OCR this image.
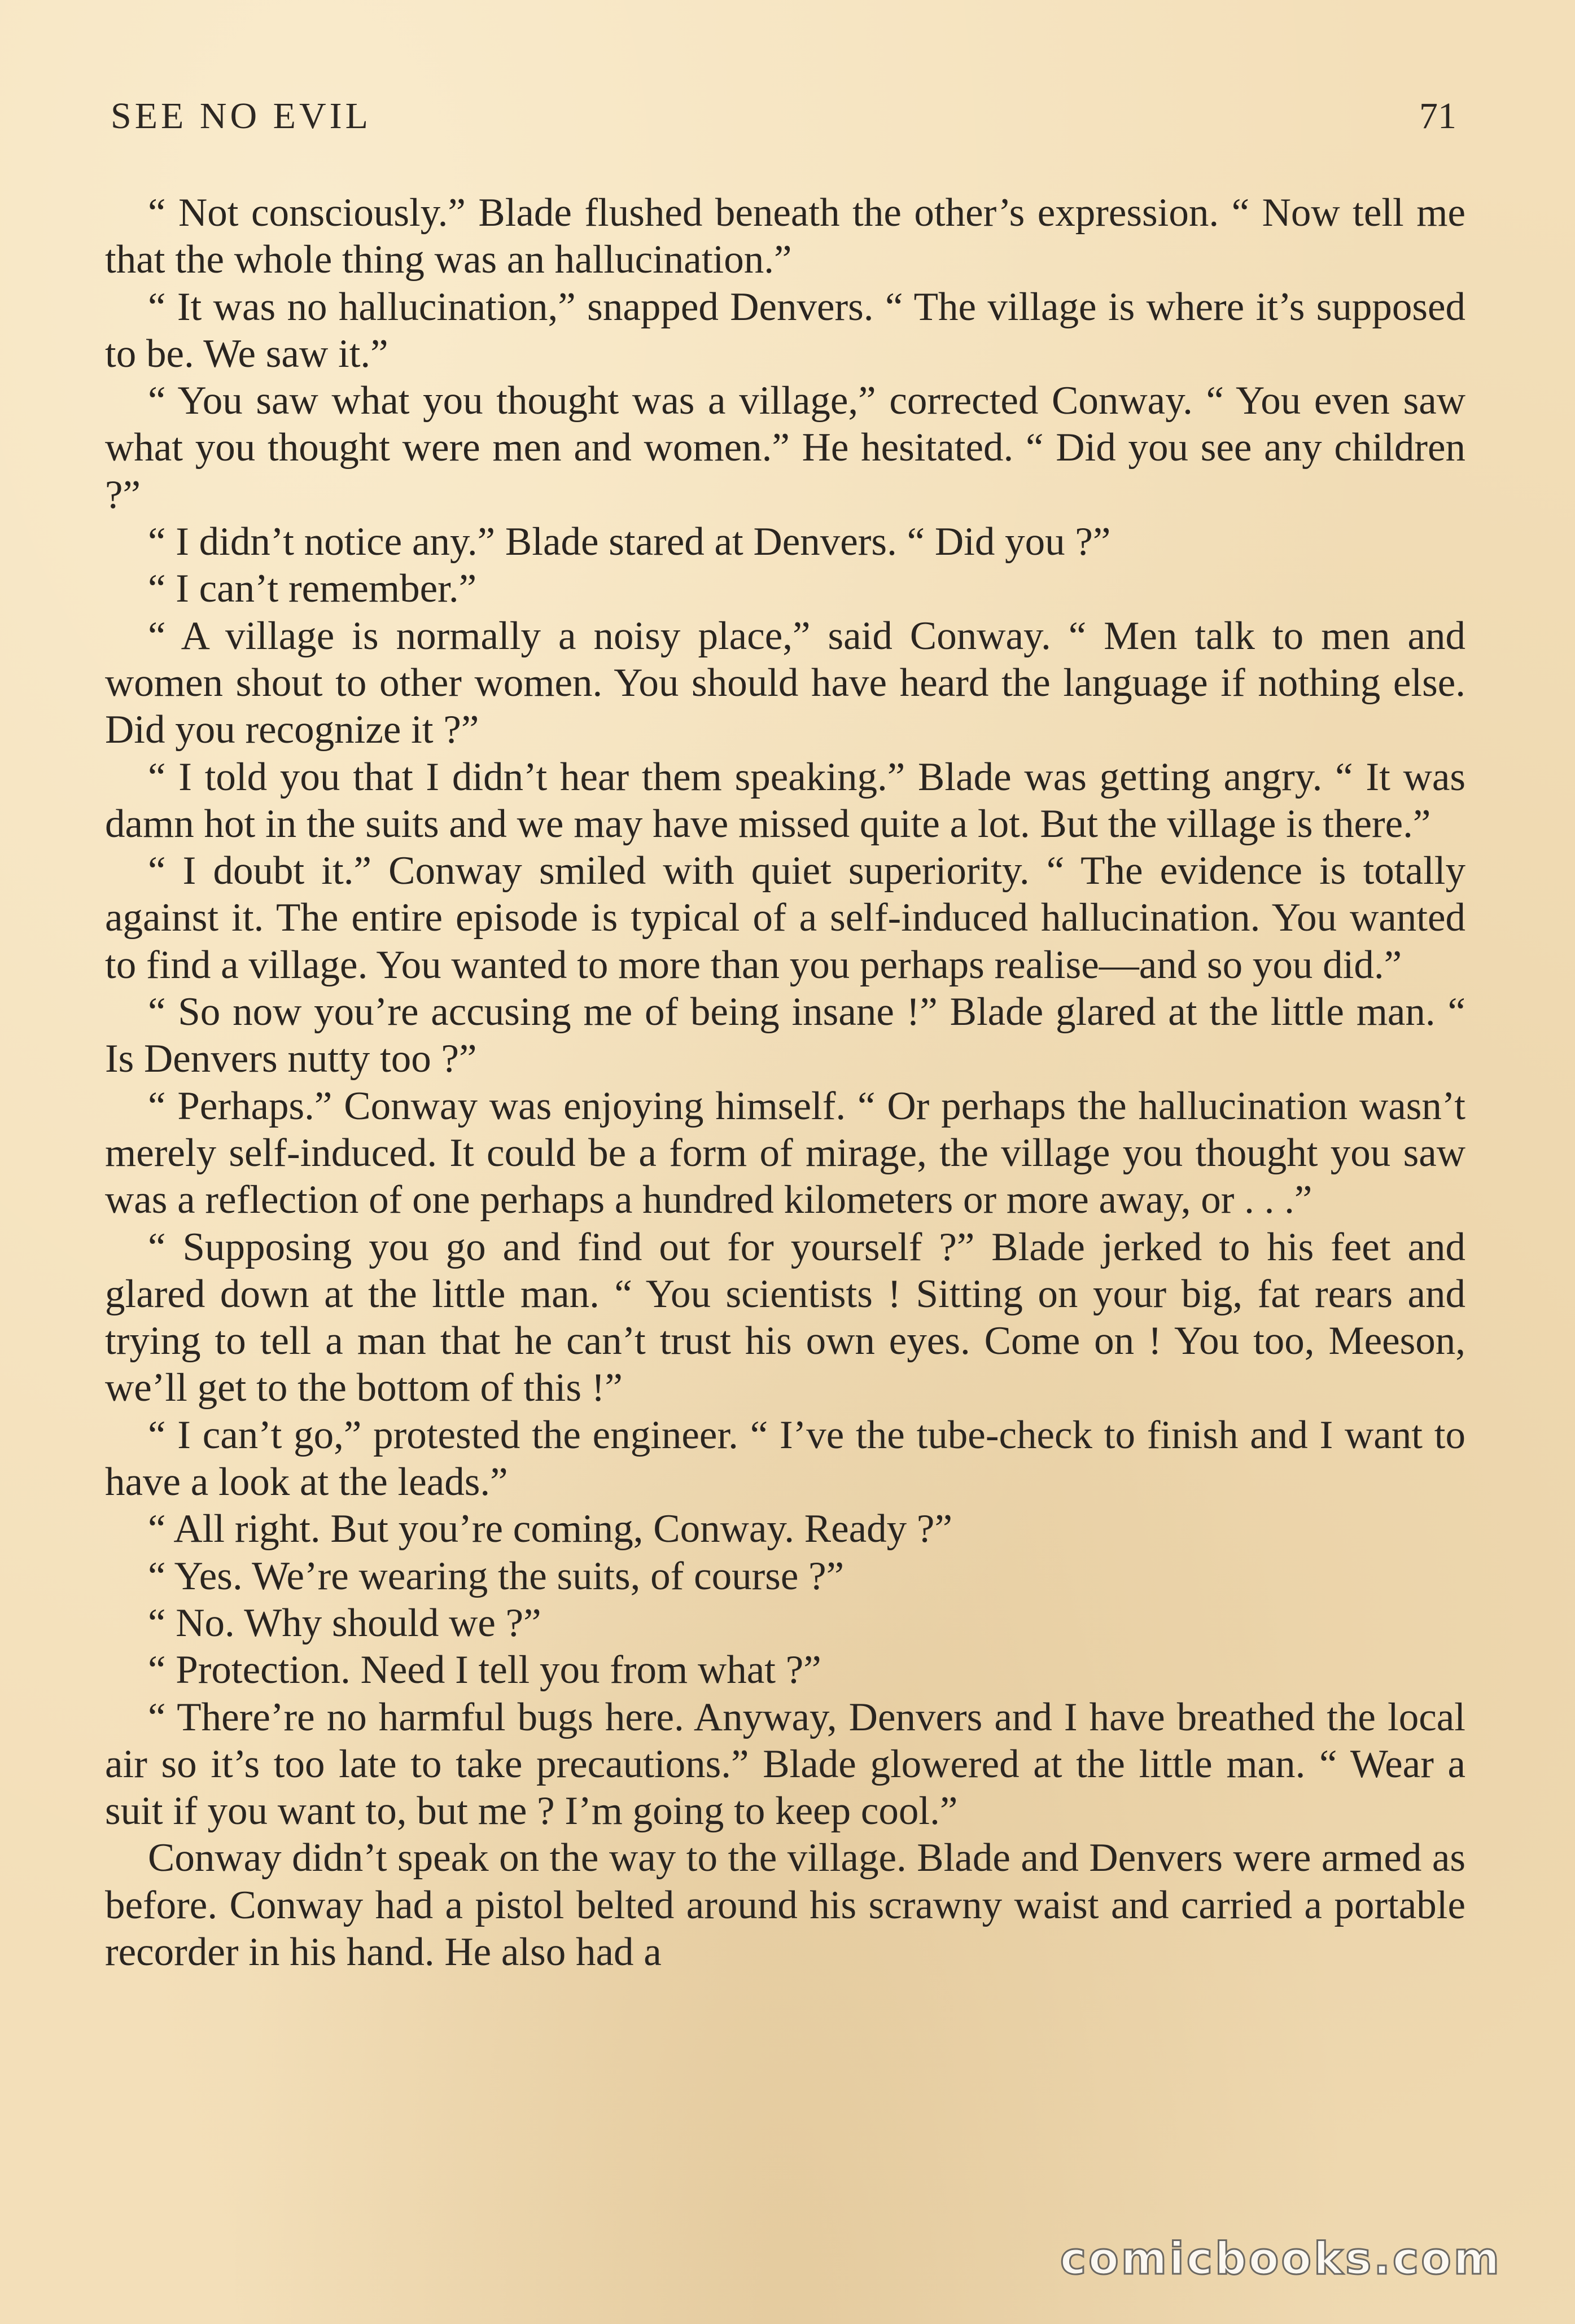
SEE NO EVIL	71

“ Not consciously.” Blade flushed beneath the other’s expression. “ Now tell me that the whole thing was an hallucination.”

“ It was no hallucination,” snapped Denvers. “ The village is where it’s supposed to be. We saw it.”

“ You saw what you thought was a village,” corrected Conway. “ You even saw what you thought were men and women.” He hesitated. “ Did you see any children ?”

“ I didn’t notice any.” Blade stared at Denvers. “ Did you ?”

“ I can’t remember.”

“ A village is normally a noisy place,” said Conway. “ Men talk to men and women shout to other women. You should have heard the language if nothing else. Did you recognize it ?”

“ I told you that I didn’t hear them speaking.” Blade was getting angry. “ It was damn hot in the suits and we may have missed quite a lot. But the village is there.”

“ I doubt it.” Conway smiled with quiet superiority. “ The evidence is totally against it. The entire episode is typical of a self-induced hallucination. You wanted to find a village. You wanted to more than you perhaps realise—and so you did.”

“ So now you’re accusing me of being insane !” Blade glared at the little man. “ Is Denvers nutty too ?”

“ Perhaps.” Conway was enjoying himself. “ Or perhaps the hallucination wasn’t merely self-induced. It could be a form of mirage, the village you thought you saw was a reflection of one perhaps a hundred kilometers or more away, or . . .”

“ Supposing you go and find out for yourself ?” Blade jerked to his feet and glared down at the little man. “ You scientists ! Sitting on your big, fat rears and trying to tell a man that he can’t trust his own eyes. Come on ! You too, Meeson, we’ll get to the bottom of this !”

“ I can’t go,” protested the engineer. “ I’ve the tube-check to finish and I want to have a look at the leads.”

“ All right. But you’re coming, Conway. Ready ?”

“ Yes. We’re wearing the suits, of course ?”

“ No. Why should we ?”

“ Protection. Need I tell you from what ?”

“ There’re no harmful bugs here. Anyway, Denvers and I have breathed the local air so it’s too late to take precautions.” Blade glowered at the little man. “ Wear a suit if you want to, but me ? I’m going to keep cool.”

Conway didn’t speak on the way to the village. Blade and Denvers were armed as before. Conway had a pistol belted around his scrawny waist and carried a portable recorder in his hand. He also had a

comicbooks.com
